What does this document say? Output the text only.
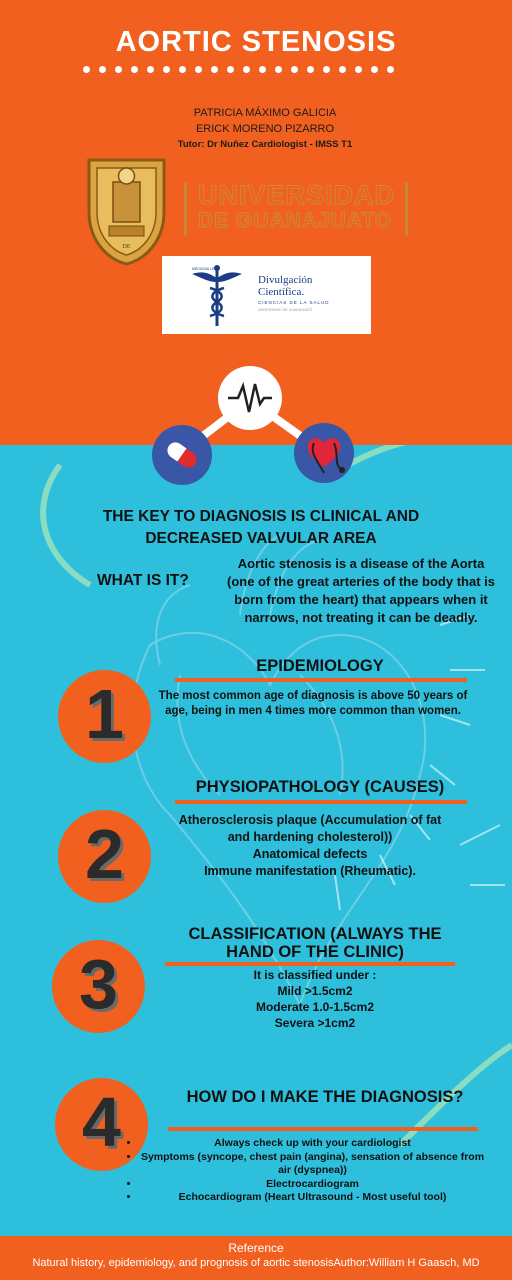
AORTIC STENOSIS
PATRICIA MÁXIMO GALICIA
ERICK MORENO PIZARRO
Tutor: Dr Nuñez Cardiologist - IMSS T1
DE
UNIVERSIDAD
DE GUANAJUATO
MEDICINA LEÓN
Divulgación
Científica.
CIENCIAS DE LA SALUD
UNIVERSIDAD DE GUANAJUATO
THE KEY TO DIAGNOSIS IS CLINICAL AND DECREASED VALVULAR AREA
WHAT IS IT?
Aortic stenosis is a disease of the Aorta (one of the great arteries of the body that is born from the heart) that appears when it narrows, not treating it can be deadly.
1
EPIDEMIOLOGY
The most common age of diagnosis is above 50 years of age, being in men 4 times more common than women.
2
PHYSIOPATHOLOGY (CAUSES)
Atherosclerosis plaque (Accumulation of fat
and hardening cholesterol))
Anatomical defects
Immune manifestation (Rheumatic).
3
CLASSIFICATION (ALWAYS THE
HAND OF THE CLINIC)
It is classified under :
Mild >1.5cm2
Moderate 1.0-1.5cm2
Severa >1cm2
4	HOW DO I MAKE THE DIAGNOSIS?
• Always check up with your cardiologist
• Symptoms (syncope, chest pain (angina), sensation of absence from air (dyspnea))
• Electrocardiogram
• Echocardiogram (Heart Ultrasound - Most useful tool)
Reference
Natural history, epidemiology, and prognosis of aortic stenosisAuthor:William H Gaasch, MD
